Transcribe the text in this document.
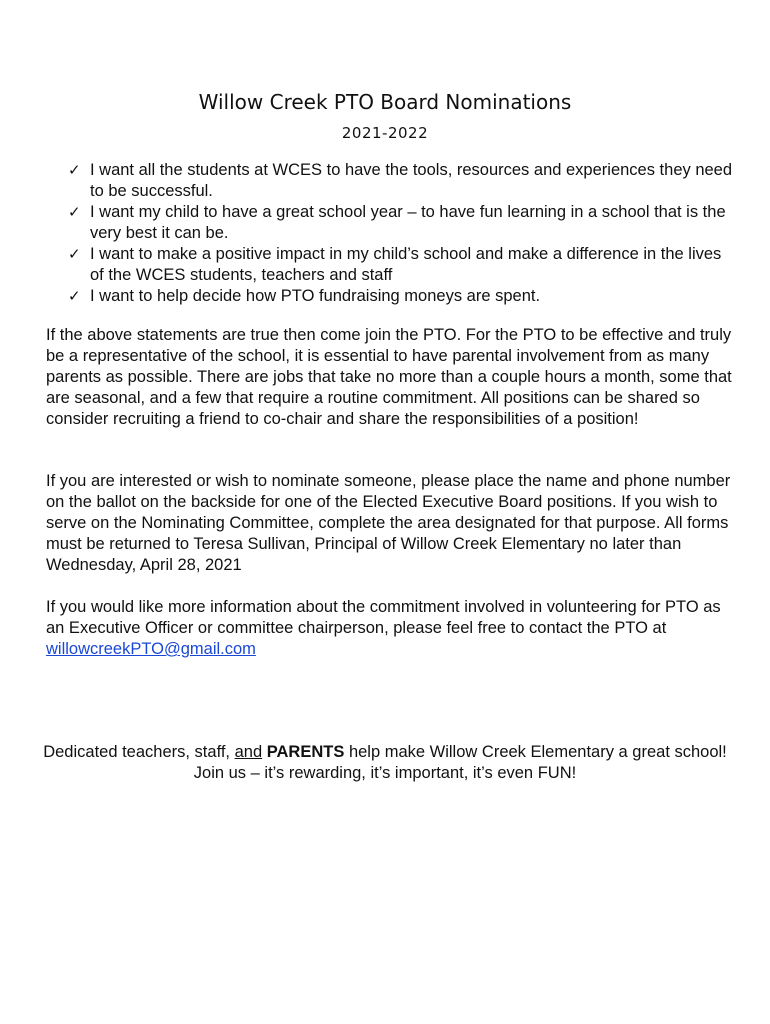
Willow Creek PTO Board Nominations
2021-2022
✓ I want all the students at WCES to have the tools, resources and experiences they need to be successful.
✓ I want my child to have a great school year – to have fun learning in a school that is the very best it can be.
✓ I want to make a positive impact in my child’s school and make a difference in the lives of the WCES students, teachers and staff
✓ I want to help decide how PTO fundraising moneys are spent.

If the above statements are true then come join the PTO. For the PTO to be effective and truly be a representative of the school, it is essential to have parental involvement from as many parents as possible. There are jobs that take no more than a couple hours a month, some that are seasonal, and a few that require a routine commitment. All positions can be shared so consider recruiting a friend to co-chair and share the responsibilities of a position!

If you are interested or wish to nominate someone, please place the name and phone number on the ballot on the backside for one of the Elected Executive Board positions. If you wish to serve on the Nominating Committee, complete the area designated for that purpose. All forms must be returned to Teresa Sullivan, Principal of Willow Creek Elementary no later than Wednesday, April 28, 2021

If you would like more information about the commitment involved in volunteering for PTO as an Executive Officer or committee chairperson, please feel free to contact the PTO at willowcreekPTO@gmail.com

Dedicated teachers, staff, and PARENTS help make Willow Creek Elementary a great school! Join us – it’s rewarding, it’s important, it’s even FUN!
